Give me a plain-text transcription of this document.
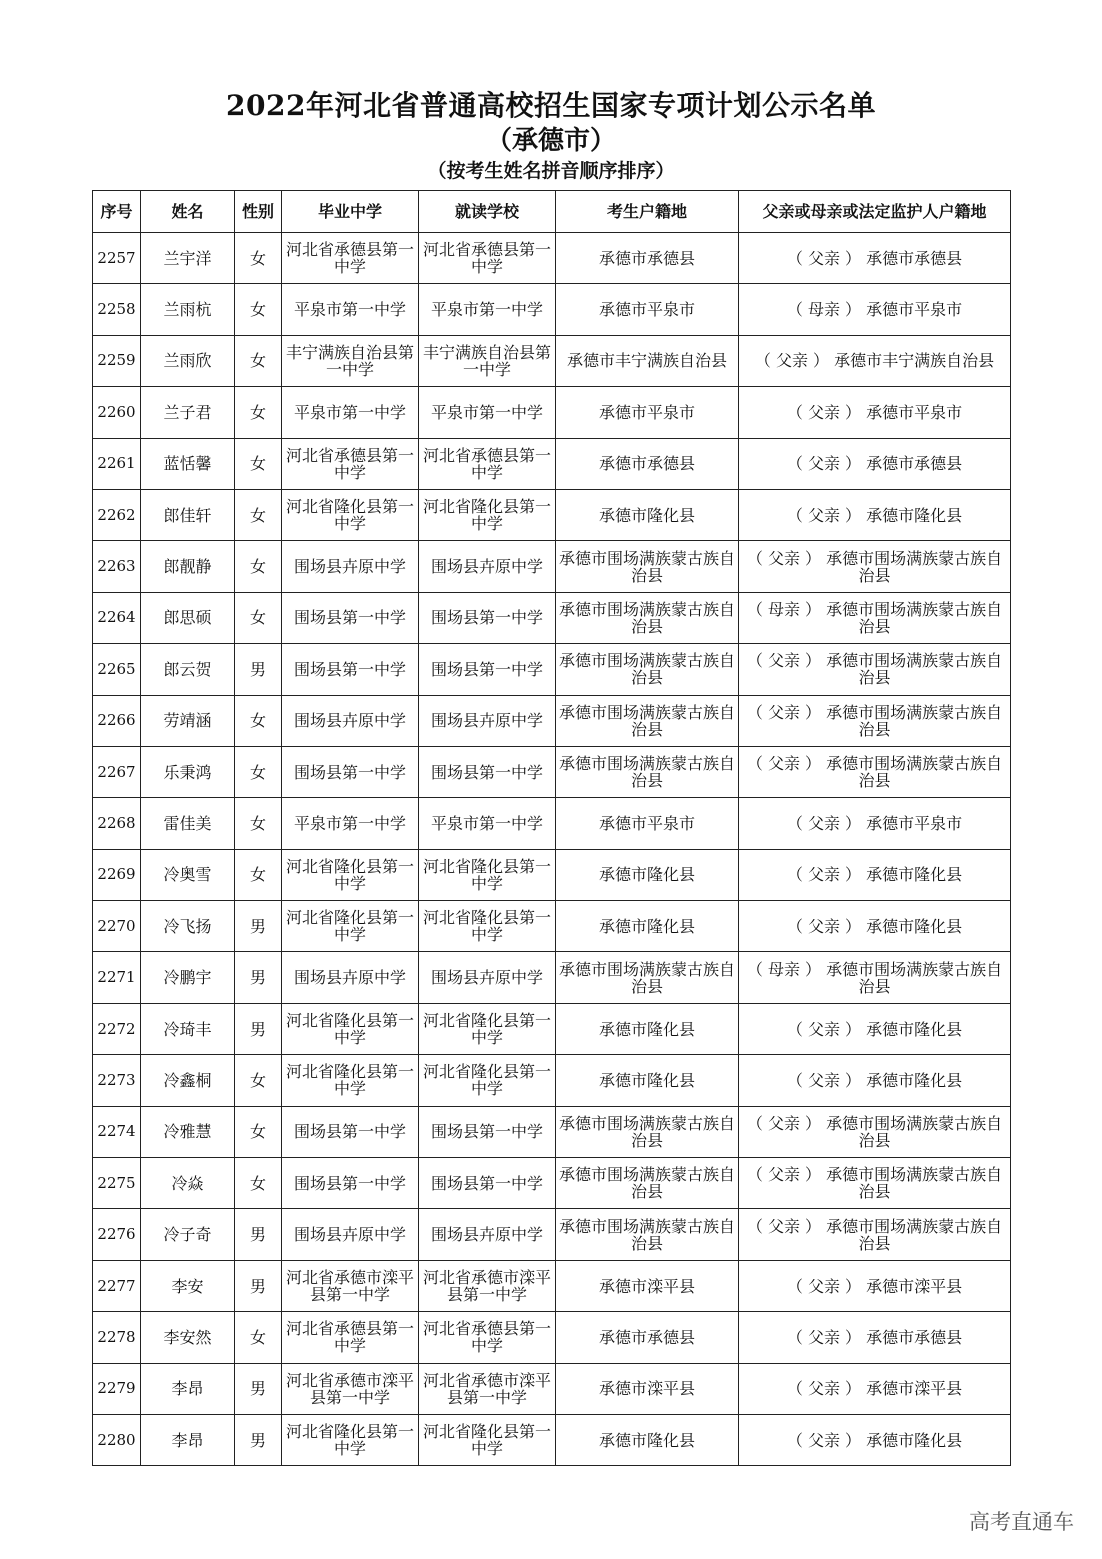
2022年河北省普通高校招生国家专项计划公示名单

（承德市）

（按考生姓名拼音顺序排序）

序号	姓名	性别	毕业中学	就读学校	考生户籍地	父亲或母亲或法定监护人户籍地
2257	兰宇洋	女	河北省承德县第一中学	河北省承德县第一中学	承德市承德县	（ 父亲 ） 承德市承德县
2258	兰雨杭	女	平泉市第一中学	平泉市第一中学	承德市平泉市	（ 母亲 ） 承德市平泉市
2259	兰雨欣	女	丰宁满族自治县第一中学	丰宁满族自治县第一中学	承德市丰宁满族自治县	（ 父亲 ） 承德市丰宁满族自治县
2260	兰子君	女	平泉市第一中学	平泉市第一中学	承德市平泉市	（ 父亲 ） 承德市平泉市
2261	蓝恬馨	女	河北省承德县第一中学	河北省承德县第一中学	承德市承德县	（ 父亲 ） 承德市承德县
2262	郎佳轩	女	河北省隆化县第一中学	河北省隆化县第一中学	承德市隆化县	（ 父亲 ） 承德市隆化县
2263	郎靓静	女	围场县卉原中学	围场县卉原中学	承德市围场满族蒙古族自治县	（ 父亲 ） 承德市围场满族蒙古族自治县
2264	郎思硕	女	围场县第一中学	围场县第一中学	承德市围场满族蒙古族自治县	（ 母亲 ） 承德市围场满族蒙古族自治县
2265	郎云贺	男	围场县第一中学	围场县第一中学	承德市围场满族蒙古族自治县	（ 父亲 ） 承德市围场满族蒙古族自治县
2266	劳靖涵	女	围场县卉原中学	围场县卉原中学	承德市围场满族蒙古族自治县	（ 父亲 ） 承德市围场满族蒙古族自治县
2267	乐秉鸿	女	围场县第一中学	围场县第一中学	承德市围场满族蒙古族自治县	（ 父亲 ） 承德市围场满族蒙古族自治县
2268	雷佳美	女	平泉市第一中学	平泉市第一中学	承德市平泉市	（ 父亲 ） 承德市平泉市
2269	冷奥雪	女	河北省隆化县第一中学	河北省隆化县第一中学	承德市隆化县	（ 父亲 ） 承德市隆化县
2270	冷飞扬	男	河北省隆化县第一中学	河北省隆化县第一中学	承德市隆化县	（ 父亲 ） 承德市隆化县
2271	冷鹏宇	男	围场县卉原中学	围场县卉原中学	承德市围场满族蒙古族自治县	（ 母亲 ） 承德市围场满族蒙古族自治县
2272	冷琦丰	男	河北省隆化县第一中学	河北省隆化县第一中学	承德市隆化县	（ 父亲 ） 承德市隆化县
2273	冷鑫桐	女	河北省隆化县第一中学	河北省隆化县第一中学	承德市隆化县	（ 父亲 ） 承德市隆化县
2274	冷雅慧	女	围场县第一中学	围场县第一中学	承德市围场满族蒙古族自治县	（ 父亲 ） 承德市围场满族蒙古族自治县
2275	冷焱	女	围场县第一中学	围场县第一中学	承德市围场满族蒙古族自治县	（ 父亲 ） 承德市围场满族蒙古族自治县
2276	冷子奇	男	围场县卉原中学	围场县卉原中学	承德市围场满族蒙古族自治县	（ 父亲 ） 承德市围场满族蒙古族自治县
2277	李安	男	河北省承德市滦平县第一中学	河北省承德市滦平县第一中学	承德市滦平县	（ 父亲 ） 承德市滦平县
2278	李安然	女	河北省承德县第一中学	河北省承德县第一中学	承德市承德县	（ 父亲 ） 承德市承德县
2279	李昂	男	河北省承德市滦平县第一中学	河北省承德市滦平县第一中学	承德市滦平县	（ 父亲 ） 承德市滦平县
2280	李昂	男	河北省隆化县第一中学	河北省隆化县第一中学	承德市隆化县	（ 父亲 ） 承德市隆化县
高考直通车
